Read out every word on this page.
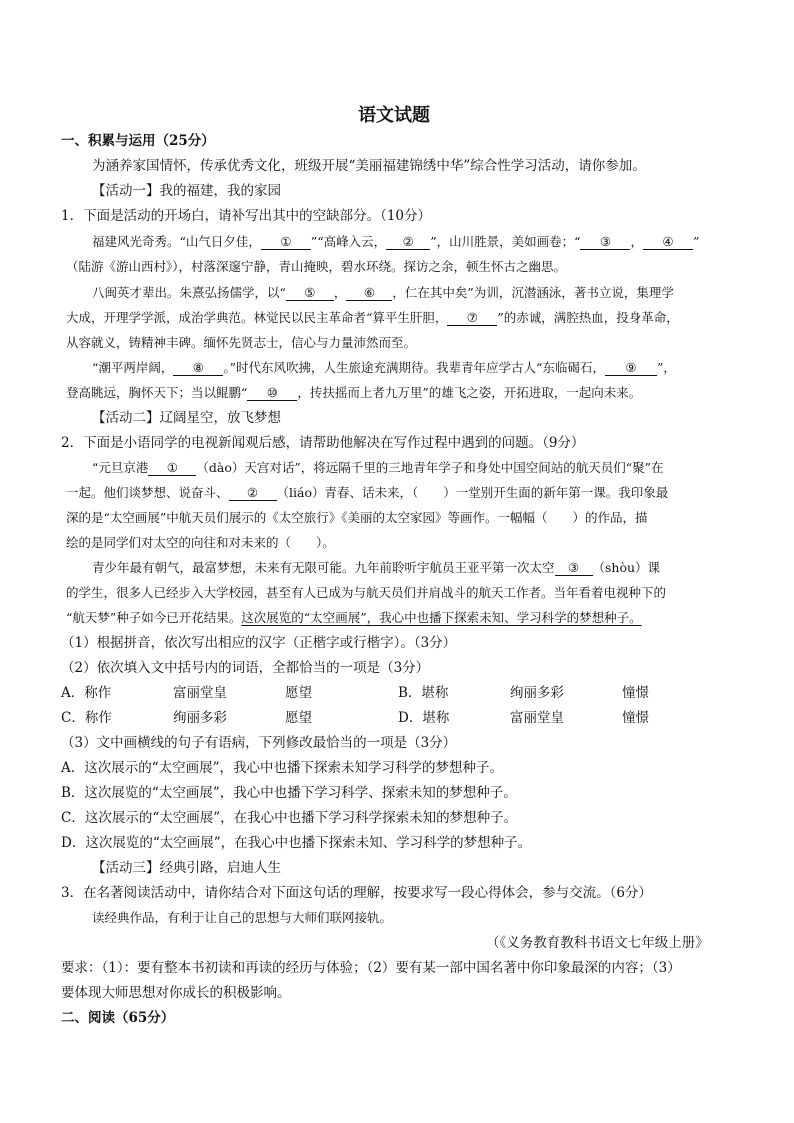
语文试题
一、积累与运用（25分）
为涵养家国情怀，传承优秀文化，班级开展“美丽福建锦绣中华”综合性学习活动，请你参加。
【活动一】我的福建，我的家园
1．下面是活动的开场白，请补写出其中的空缺部分。（10分）
福建风光奇秀。“山气日夕佳， ① ”“高峰入云， ② ”，山川胜景，美如画卷；“ ③ ， ④ ”
（陆游《游山西村》），村落深邃宁静，青山掩映，碧水环绕。探访之余，顿生怀古之幽思。
八闽英才辈出。朱熹弘扬儒学，以“ ⑤ ， ⑥ ，仁在其中矣”为训，沉潜涵泳，著书立说，集理学
大成，开理学学派，成治学典范。林觉民以民主革命者“算平生肝胆， ⑦ ”的赤诚，满腔热血，投身革命，
从容就义，铸精神丰碑。缅怀先贤志士，信心与力量沛然而至。
“潮平两岸阔， ⑧ 。”时代东风吹拂，人生旅途充满期待。我辈青年应学古人“东临碣石， ⑨ ”，
登高眺远，胸怀天下；当以鲲鹏“ ⑩ ，抟扶摇而上者九万里”的雄飞之姿，开拓进取，一起向未来。
【活动二】辽阔星空，放飞梦想
2．下面是小语同学的电视新闻观后感，请帮助他解决在写作过程中遇到的问题。（9分）
“元旦京港 ① （dàо）天宫对话”，将远隔千里的三地青年学子和身处中国空间站的航天员们“聚”在
一起。他们谈梦想、说奋斗、 ② （liáo）青春、话未来，（　　）一堂别开生面的新年第一课。我印象最
深的是“太空画展”中航天员们展示的《太空旅行》《美丽的太空家园》等画作。一幅幅（　　）的作品，描
绘的是同学们对太空的向往和对未来的（　　）。
青少年最有朝气，最富梦想，未来有无限可能。九年前聆听宇航员王亚平第一次太空 ③ （shòu）课
的学生，很多人已经步入大学校园，甚至有人已成为与航天员们并肩战斗的航天工作者。当年看着电视种下的
“航天梦”种子如今已开花结果。这次展览的“太空画展”，我心中也播下探索未知、学习科学的梦想种子。
（1）根据拼音，依次写出相应的汉字（正楷字或行楷字）。（3分）
（2）依次填入文中括号内的词语，全都恰当的一项是（3分）
A．称作	富丽堂皇	愿望	B．堪称	绚丽多彩	憧憬
C．称作	绚丽多彩	愿望	D．堪称	富丽堂皇	憧憬
（3）文中画横线的句子有语病，下列修改最恰当的一项是（3分）
A．这次展示的“太空画展”，我心中也播下探索未知学习科学的梦想种子。
B．这次展览的“太空画展”，我心中也播下学习科学、探索未知的梦想种子。
C．这次展示的“太空画展”，在我心中也播下学习科学探索未知的梦想种子。
D．这次展览的“太空画展”，在我心中也播下探索未知、学习科学的梦想种子。
【活动三】经典引路，启迪人生
3．在名著阅读活动中，请你结合对下面这句话的理解，按要求写一段心得体会，参与交流。（6分）
读经典作品，有利于让自己的思想与大师们联网接轨。
（《义务教育教科书语文七年级上册》
要求：（1）：要有整本书初读和再读的经历与体验；（2）要有某一部中国名著中你印象最深的内容；（3）
要体现大师思想对你成长的积极影响。
二、阅读（65分）
